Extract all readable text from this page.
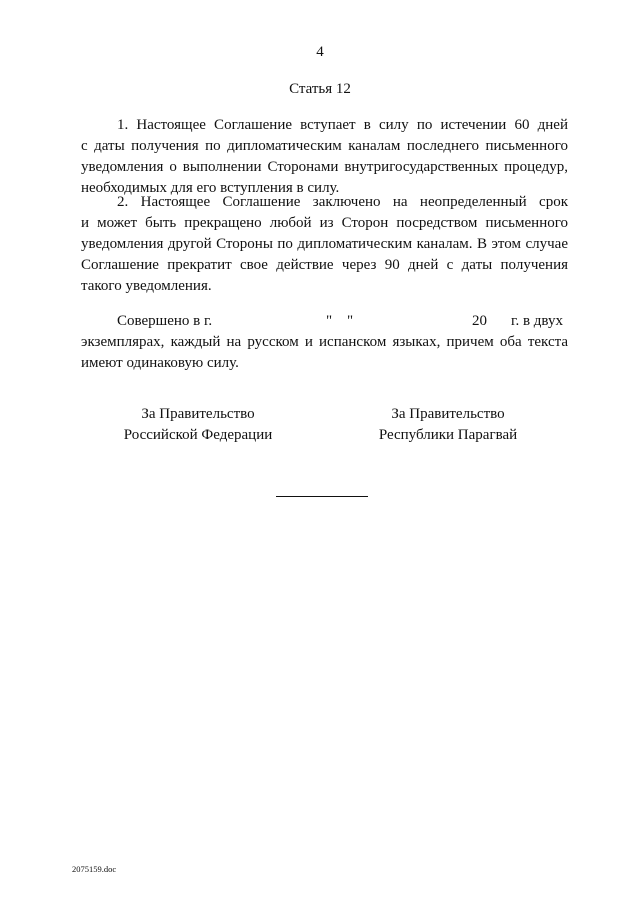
4
Статья 12
1. Настоящее Соглашение вступает в силу по истечении 60 дней
с даты получения по дипломатическим каналам последнего письменного
уведомления о выполнении Сторонами внутригосударственных процедур,
необходимых для его вступления в силу.
2. Настоящее Соглашение заключено на неопределенный срок
и может быть прекращено любой из Сторон посредством письменного
уведомления другой Стороны по дипломатическим каналам. В этом случае
Соглашение прекратит свое действие через 90 дней с даты получения
такого уведомления.
Совершено в г.	" "	20 г. в двух
экземплярах, каждый на русском и испанском языках, причем оба текста
имеют одинаковую силу.
За Правительство
Российской Федерации
За Правительство
Республики Парагвай
2075159.doc
